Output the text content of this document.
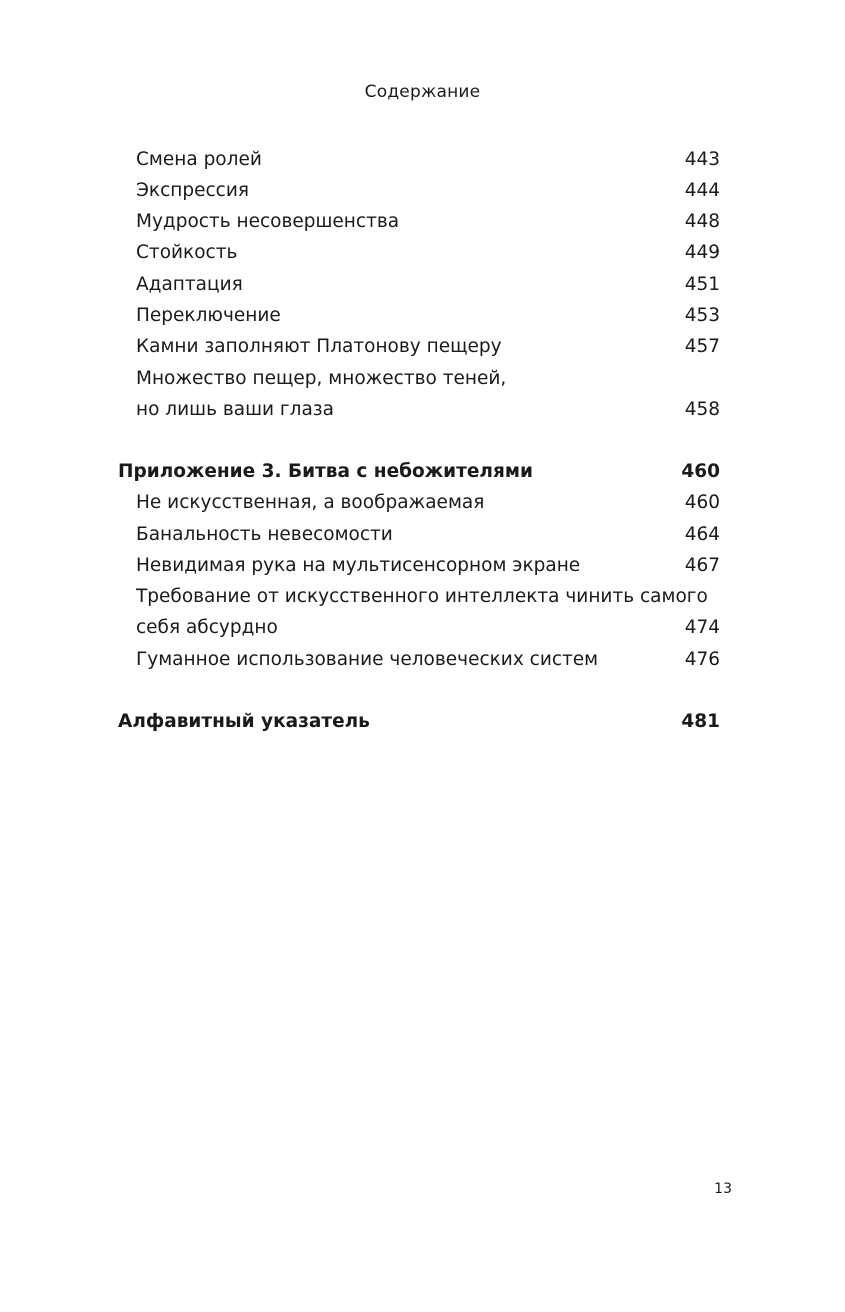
Содержание
Смена ролей	443
Экспрессия	444
Мудрость несовершенства	448
Стойкость	449
Адаптация	451
Переключение	453
Камни заполняют Платонову пещеру	457
Множество пещер, множество теней,
но лишь ваши глаза	458
Приложение 3. Битва с небожителями	460
Не искусственная, а воображаемая	460
Банальность невесомости	464
Невидимая рука на мультисенсорном экране	467
Требование от искусственного интеллекта чинить самого
себя абсурдно	474
Гуманное использование человеческих систем	476
Алфавитный указатель	481
13
